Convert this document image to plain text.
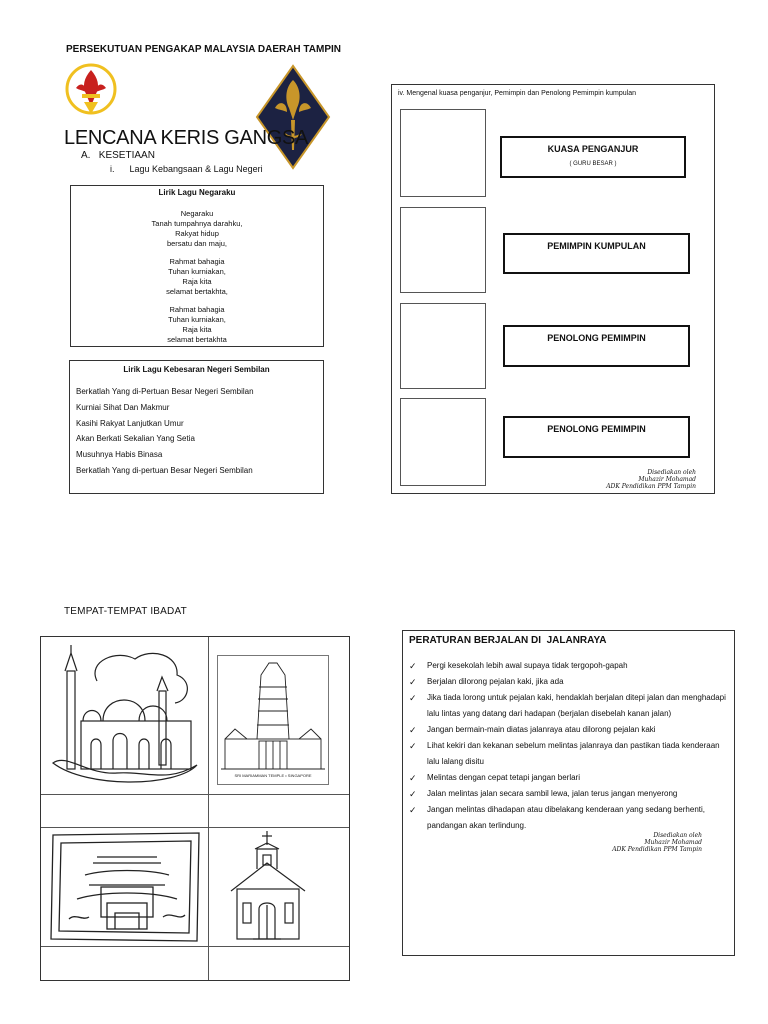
PERSEKUTUAN PENGAKAP MALAYSIA DAERAH TAMPIN
LENCANA KERIS GANGSA
A.   KESETIAAN
i.      Lagu Kebangsaan & Lagu Negeri
Lirik Lagu Negaraku
Negaraku
Tanah tumpahnya darahku,
Rakyat hidup
bersatu dan maju,
Rahmat bahagia
Tuhan kurniakan,
Raja kita
selamat bertakhta,
Rahmat bahagia
Tuhan kurniakan,
Raja kita
selamat bertakhta
Lirik Lagu Kebesaran Negeri Sembilan
Berkatlah Yang di-Pertuan Besar Negeri Sembilan
Kurniai Sihat Dan Makmur
Kasihi Rakyat Lanjutkan Umur
Akan Berkati Sekalian Yang Setia
Musuhnya Habis Binasa
Berkatlah Yang di-pertuan Besar Negeri Sembilan
iv. Mengenal kuasa penganjur, Pemimpin dan Penolong Pemimpin kumpulan
KUASA PENGANJUR
( GURU BESAR )
PEMIMPIN KUMPULAN
PENOLONG PEMIMPIN
PENOLONG PEMIMPIN
Disediakan oleh
Muhazir Mohamad
ADK Pendidikan PPM Tampin
TEMPAT-TEMPAT IBADAT
SRI MARIAMMAN TEMPLE • SINGAPORE
PERATURAN BERJALAN DI  JALANRAYA
✓ Pergi kesekolah lebih awal supaya tidak tergopoh-gapah
✓ Berjalan dilorong pejalan kaki, jika ada
✓ Jika tiada lorong untuk pejalan kaki, hendaklah berjalan ditepi jalan dan menghadapi
lalu lintas yang datang dari hadapan (berjalan disebelah kanan jalan)
✓ Jangan bermain-main diatas jalanraya atau dilorong pejalan kaki
✓ Lihat kekiri dan kekanan sebelum melintas jalanraya dan pastikan tiada kenderaan
lalu lalang disitu
✓ Melintas dengan cepat tetapi jangan berlari
✓ Jalan melintas jalan secara sambil lewa, jalan terus jangan menyerong
✓ Jangan melintas dihadapan atau dibelakang kenderaan yang sedang berhenti,
pandangan akan terlindung.
Disediakan oleh
Muhazir Mohamad
ADK Pendidikan PPM Tampin
